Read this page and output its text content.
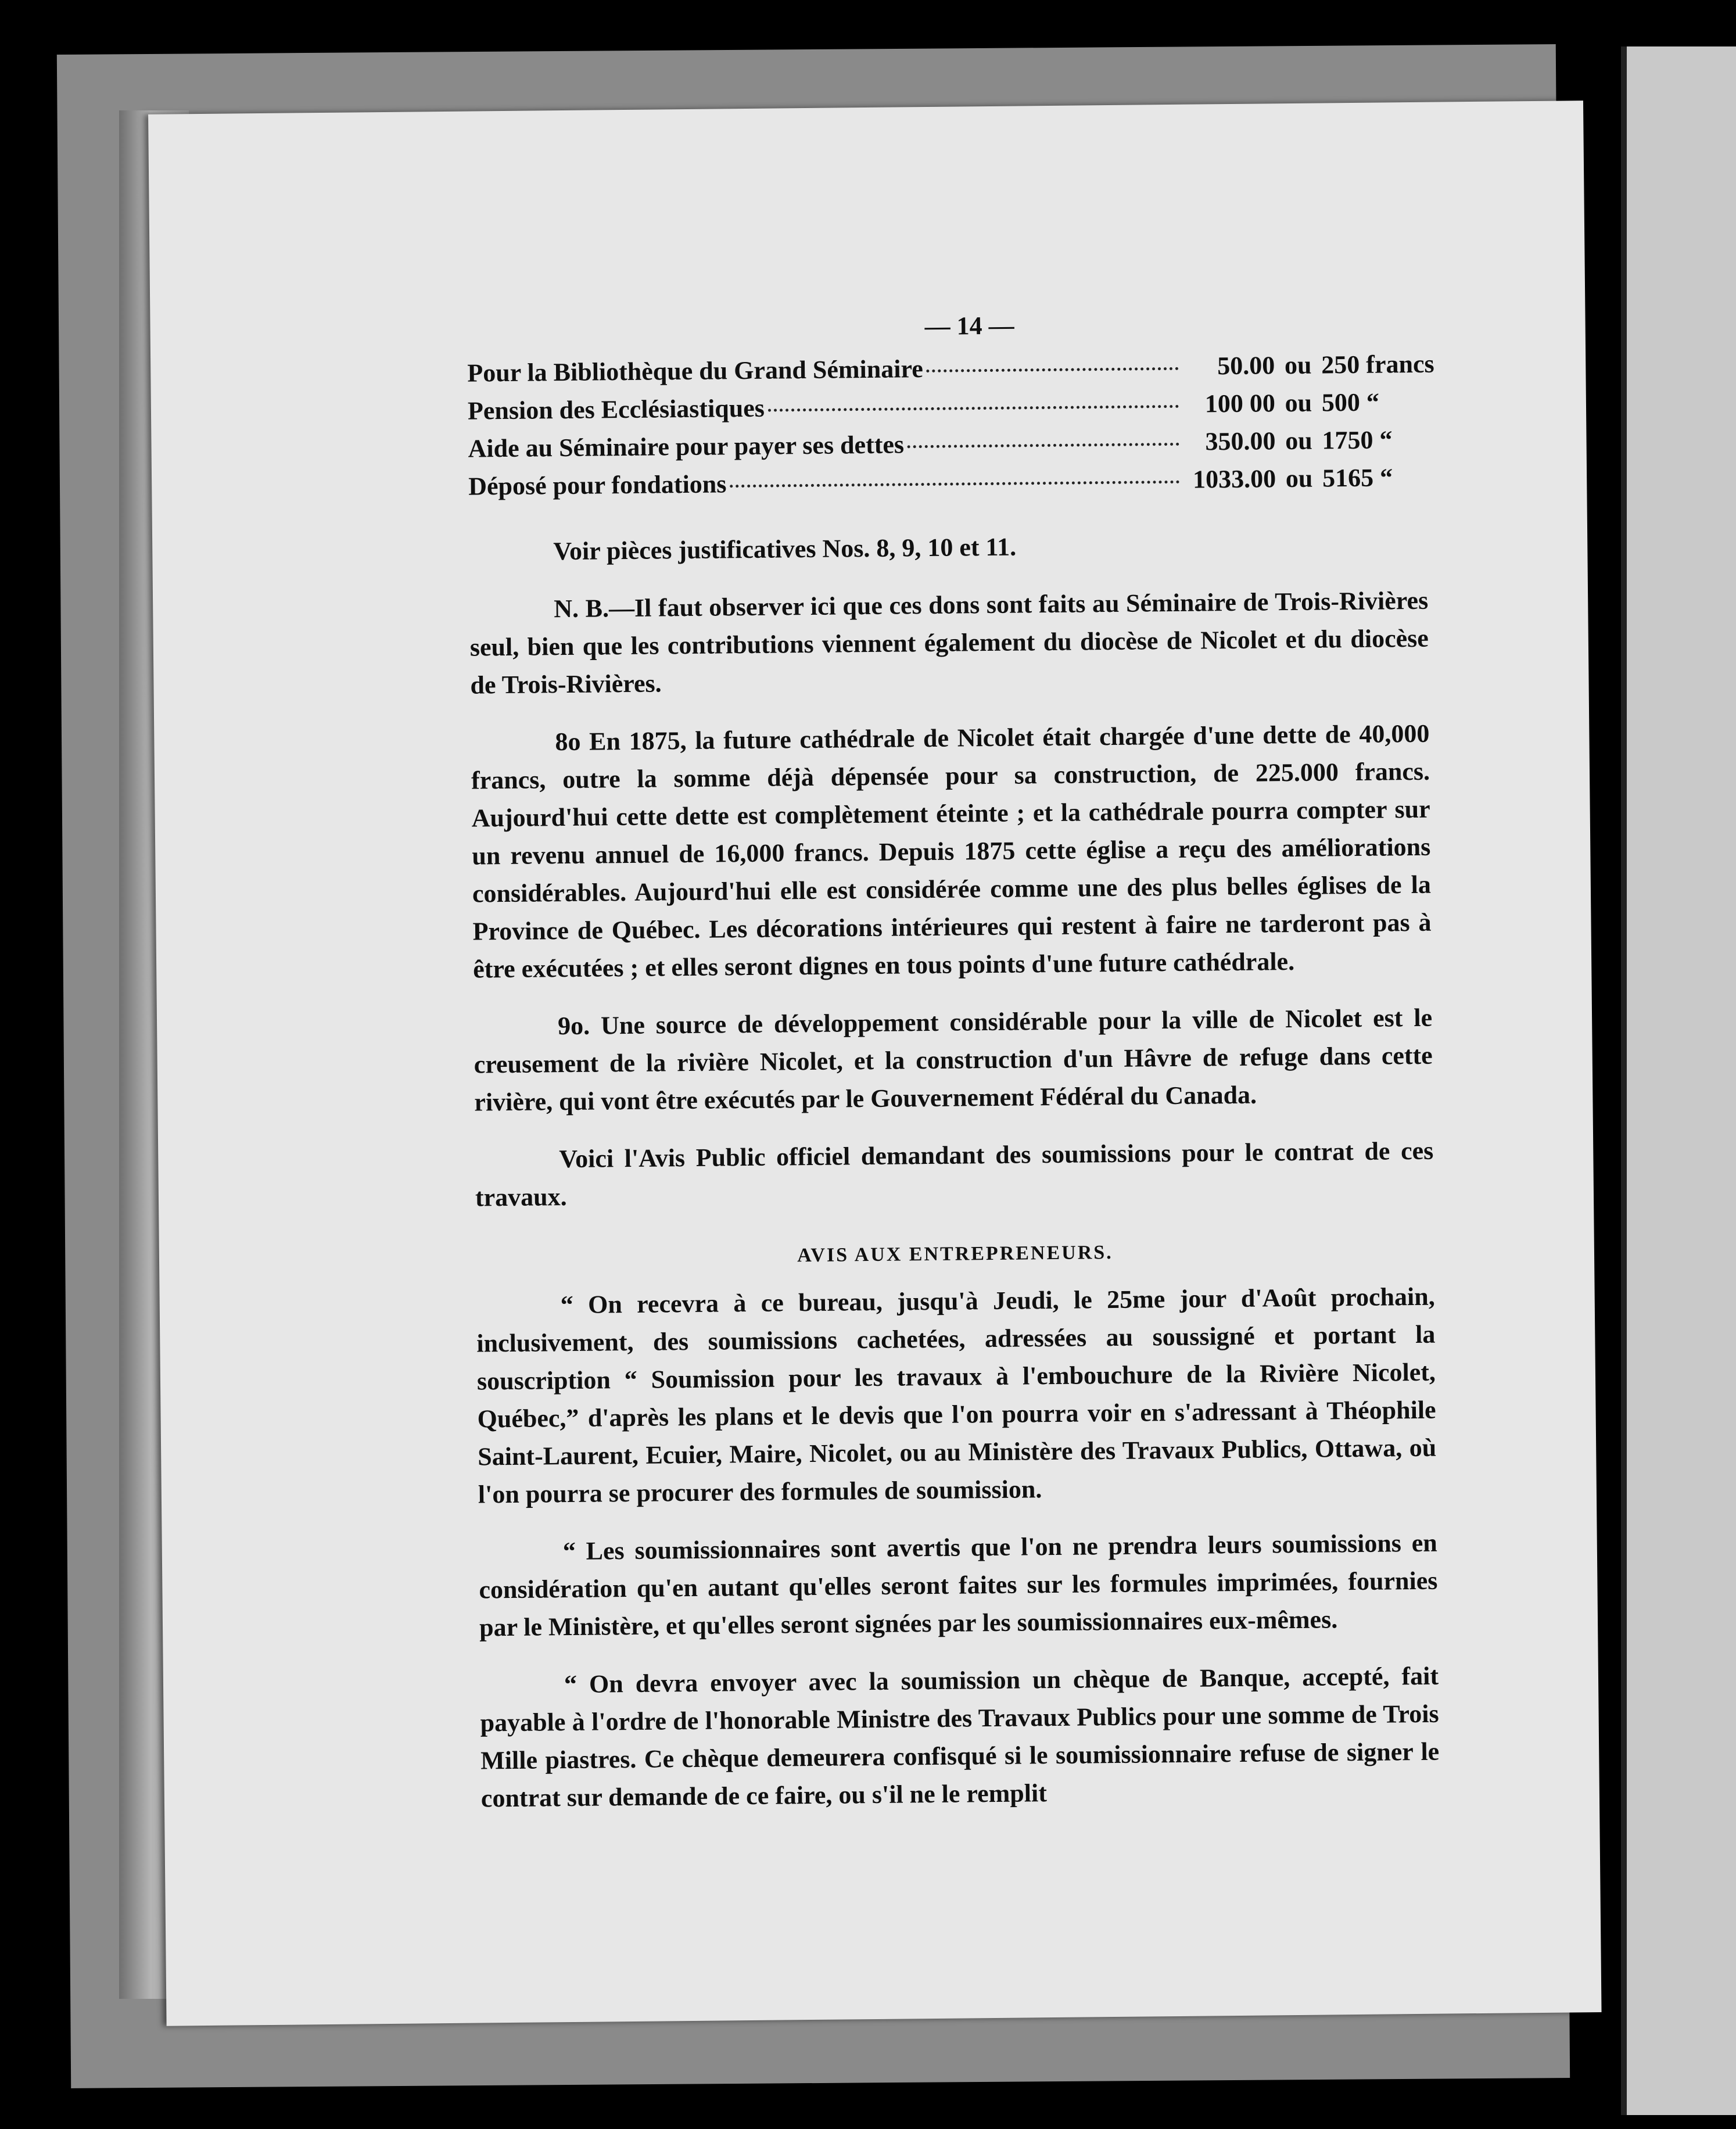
— 14 —
Pour la Bibliothèque du Grand Séminaire	50.00 ou 250 francs
Pension des Ecclésiastiques	100 00 ou 500 “
Aide au Séminaire pour payer ses dettes	350.00 ou 1750 “
Déposé pour fondations	1033.00 ou 5165 “

Voir pièces justificatives Nos. 8, 9, 10 et 11.

N. B.—Il faut observer ici que ces dons sont faits au Séminaire de Trois-Rivières seul, bien que les contributions viennent également du diocèse de Nicolet et du diocèse de Trois-Rivières.

8o En 1875, la future cathédrale de Nicolet était chargée d'une dette de 40,000 francs, outre la somme déjà dépensée pour sa construction, de 225.000 francs. Aujourd'hui cette dette est complètement éteinte ; et la cathédrale pourra compter sur un revenu annuel de 16,000 francs. Depuis 1875 cette église a reçu des améliorations considérables. Aujourd'hui elle est considérée comme une des plus belles églises de la Province de Québec. Les décorations intérieures qui restent à faire ne tarderont pas à être exécutées ; et elles seront dignes en tous points d'une future cathédrale.

9o. Une source de développement considérable pour la ville de Nicolet est le creusement de la rivière Nicolet, et la construction d'un Hâvre de refuge dans cette rivière, qui vont être exécutés par le Gouvernement Fédéral du Canada.

Voici l'Avis Public officiel demandant des soumissions pour le contrat de ces travaux.

AVIS AUX ENTREPRENEURS.

“ On recevra à ce bureau, jusqu'à Jeudi, le 25me jour d'Août prochain, inclusivement, des soumissions cachetées, adressées au soussigné et portant la souscription “ Soumission pour les travaux à l'embouchure de la Rivière Nicolet, Québec,” d'après les plans et le devis que l'on pourra voir en s'adressant à Théophile Saint-Laurent, Ecuier, Maire, Nicolet, ou au Ministère des Travaux Publics, Ottawa, où l'on pourra se procurer des formules de soumission.

“ Les soumissionnaires sont avertis que l'on ne prendra leurs soumissions en considération qu'en autant qu'elles seront faites sur les formules imprimées, fournies par le Ministère, et qu'elles seront signées par les soumissionnaires eux-mêmes.

“ On devra envoyer avec la soumission un chèque de Banque, accepté, fait payable à l'ordre de l'honorable Ministre des Travaux Publics pour une somme de Trois Mille piastres. Ce chèque demeurera confisqué si le soumissionnaire refuse de signer le contrat sur demande de ce faire, ou s'il ne le remplit
